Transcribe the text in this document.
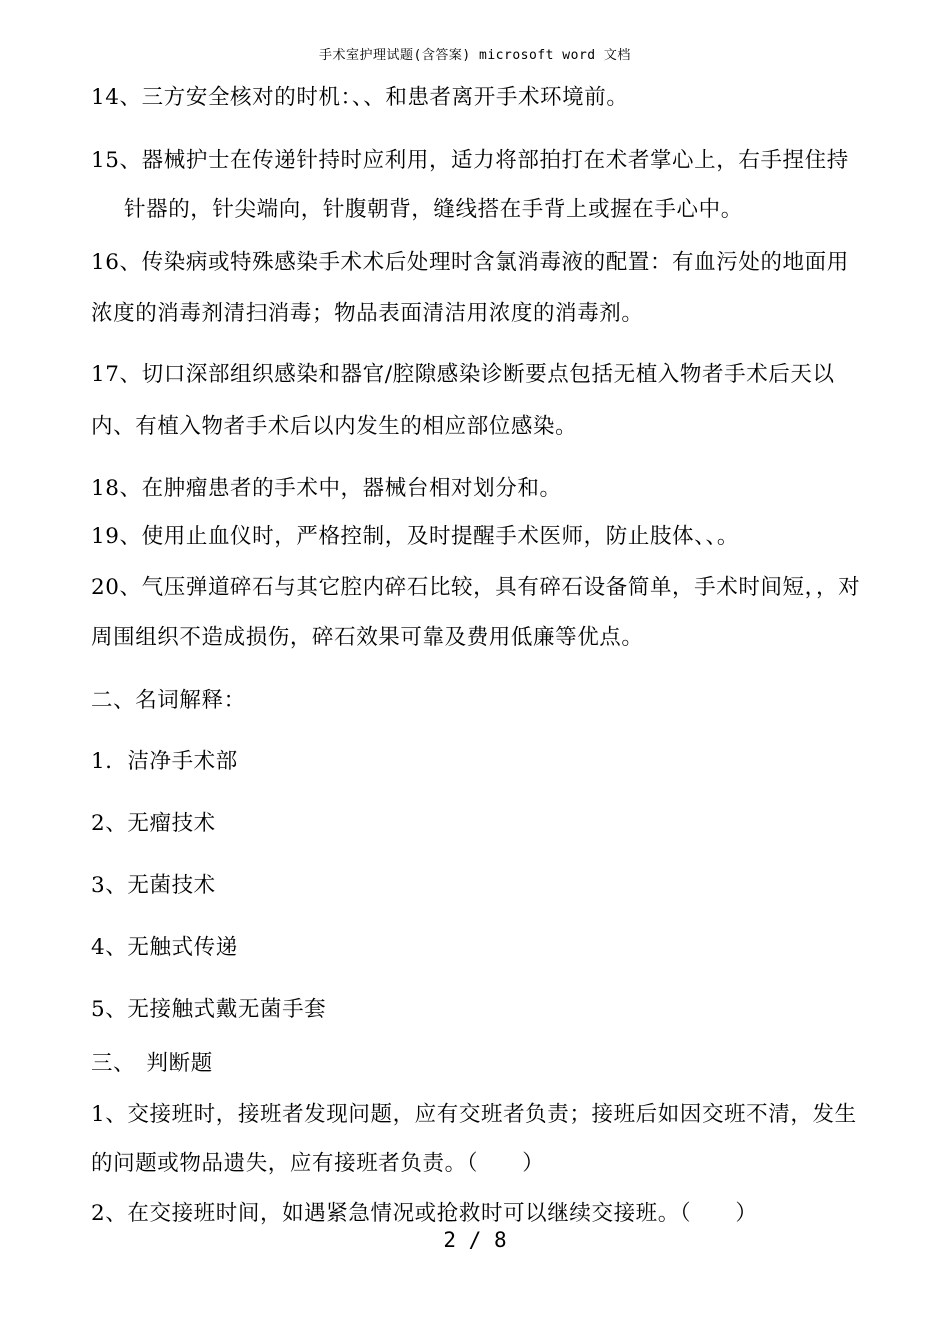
手术室护理试题(含答案) microsoft word 文档
14、三方安全核对的时机：、、和患者离开手术环境前。
15、器械护士在传递针持时应利用，适力将部拍打在术者掌心上，右手捏住持
针器的，针尖端向，针腹朝背，缝线搭在手背上或握在手心中。
16、传染病或特殊感染手术术后处理时含氯消毒液的配置：有血污处的地面用
浓度的消毒剂清扫消毒；物品表面清洁用浓度的消毒剂。
17、切口深部组织感染和器官/腔隙感染诊断要点包括无植入物者手术后天以
内、有植入物者手术后以内发生的相应部位感染。
18、在肿瘤患者的手术中，器械台相对划分和。
19、使用止血仪时，严格控制，及时提醒手术医师，防止肢体、、。
20、气压弹道碎石与其它腔内碎石比较，具有碎石设备简单，手术时间短，，对
周围组织不造成损伤，碎石效果可靠及费用低廉等优点。
二、名词解释：
1．洁净手术部
2、无瘤技术
3、无菌技术
4、无触式传递
5、无接触式戴无菌手套
三、　判断题
1、交接班时，接班者发现问题，应有交班者负责；接班后如因交班不清，发生
的问题或物品遗失，应有接班者负责。（　　）
2、在交接班时间，如遇紧急情况或抢救时可以继续交接班。（　　）
2 / 8
